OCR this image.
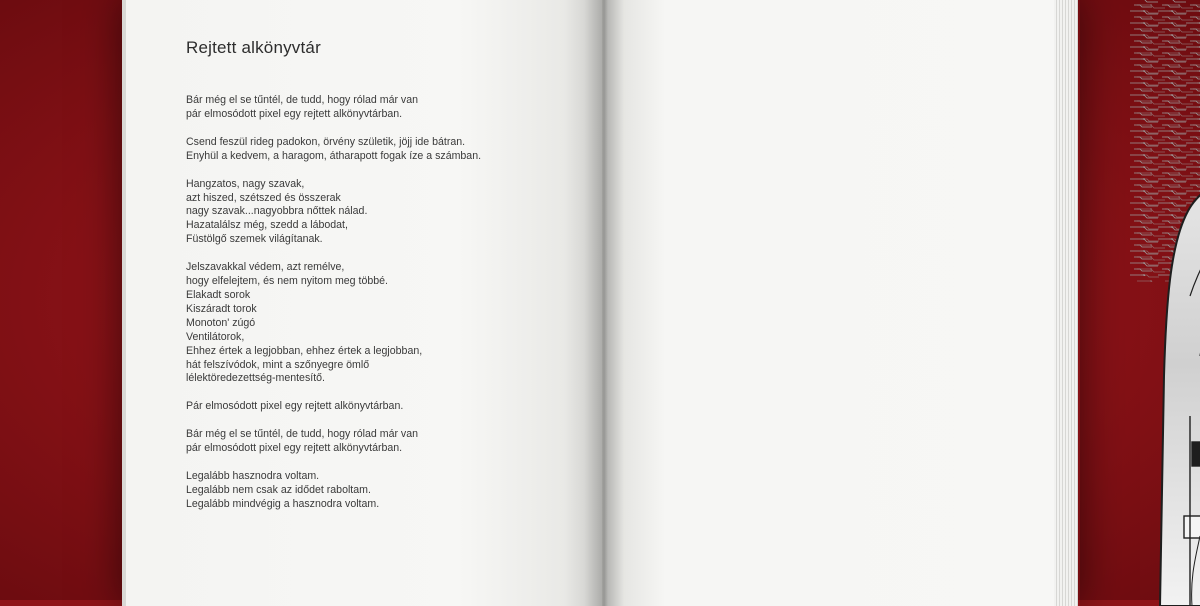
Rejtett alkönyvtár
Bár még el se tűntél, de tudd, hogy rólad már van
pár elmosódott pixel egy rejtett alkönyvtárban.
Csend feszül rideg padokon, örvény születik, jöjj ide bátran.
Enyhül a kedvem, a haragom, átharapott fogak íze a számban.
Hangzatos, nagy szavak,
azt hiszed, szétszed és összerak
nagy szavak...nagyobbra nőttek nálad.
Hazatalálsz még, szedd a lábodat,
Füstölgő szemek világítanak.
Jelszavakkal védem, azt remélve,
hogy elfelejtem, és nem nyitom meg többé.
Elakadt sorok
Kiszáradt torok
Monoton' zúgó
Ventilátorok,
Ehhez értek a legjobban, ehhez értek a legjobban,
hát felszívódok, mint a szőnyegre ömlő
lélektöredezettség-mentesítő.
Pár elmosódott pixel egy rejtett alkönyvtárban.
Bár még el se tűntél, de tudd, hogy rólad már van
pár elmosódott pixel egy rejtett alkönyvtárban.
Legalább hasznodra voltam.
Legalább nem csak az idődet raboltam.
Legalább mindvégig a hasznodra voltam.
